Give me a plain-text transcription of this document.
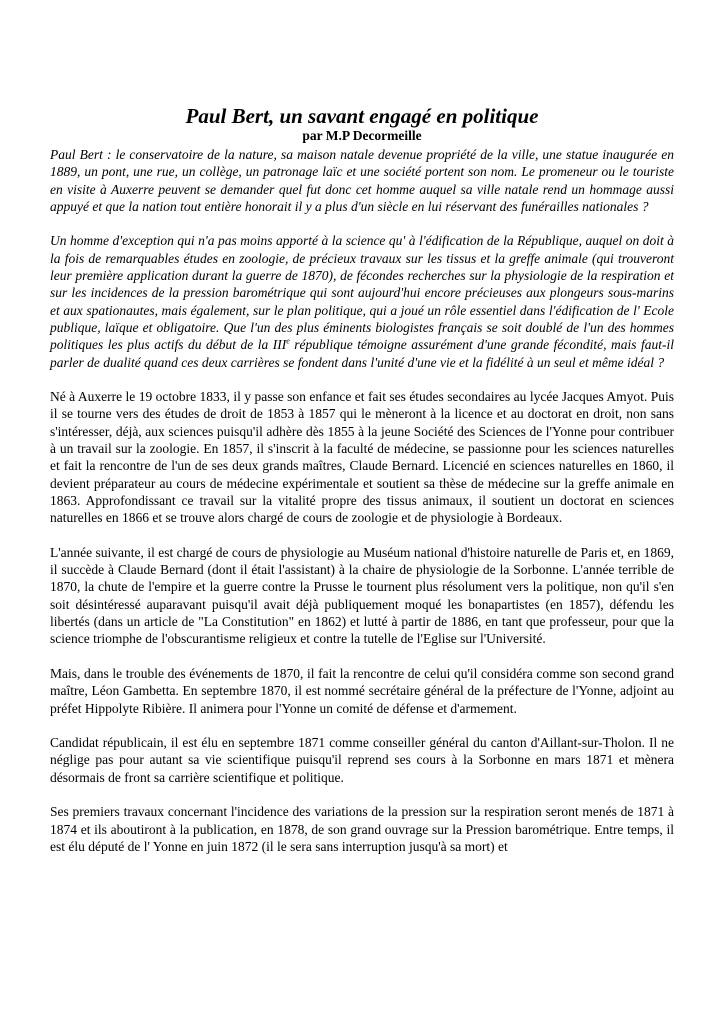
Paul Bert, un savant engagé en politique
par M.P Decormeille

Paul Bert : le conservatoire de la nature, sa maison natale devenue propriété de la ville, une statue inaugurée en 1889, un pont, une rue, un collège, un patronage laïc et une société portent son nom. Le promeneur ou le touriste en visite à Auxerre peuvent se demander quel fut donc cet homme auquel sa ville natale rend un hommage aussi appuyé et que la nation tout entière honorait il y a plus d'un siècle en lui réservant des funérailles nationales ?

Un homme d'exception qui n'a pas moins apporté à la science qu' à l'édification de la République, auquel on doit à la fois de remarquables études en zoologie, de précieux travaux sur les tissus et la greffe animale (qui trouveront leur première application durant la guerre de 1870), de fécondes recherches sur la physiologie de la respiration et sur les incidences de la pression barométrique qui sont aujourd'hui encore précieuses aux plongeurs sous-marins et aux spationautes, mais également, sur le plan politique, qui a joué un rôle essentiel dans l'édification de l' Ecole publique, laïque et obligatoire. Que l'un des plus éminents biologistes français se soit doublé de l'un des hommes politiques les plus actifs du début de la IIIe république témoigne assurément d'une grande fécondité, mais faut-il parler de dualité quand ces deux carrières se fondent dans l'unité d'une vie et la fidélité à un seul et même idéal ?

Né à Auxerre le 19 octobre 1833, il y passe son enfance et fait ses études secondaires au lycée Jacques Amyot. Puis il se tourne vers des études de droit de 1853 à 1857 qui le mèneront à la licence et au doctorat en droit, non sans s'intéresser, déjà, aux sciences puisqu'il adhère dès 1855 à la jeune Société des Sciences de l'Yonne pour contribuer à un travail sur la zoologie. En 1857, il s'inscrit à la faculté de médecine, se passionne pour les sciences naturelles et fait la rencontre de l'un de ses deux grands maîtres, Claude Bernard. Licencié en sciences naturelles en 1860, il devient préparateur au cours de médecine expérimentale et soutient sa thèse de médecine sur la greffe animale en 1863. Approfondissant ce travail sur la vitalité propre des tissus animaux, il soutient un doctorat en sciences naturelles en 1866 et se trouve alors chargé de cours de zoologie et de physiologie à Bordeaux.

L'année suivante, il est chargé de cours de physiologie au Muséum national d'histoire naturelle de Paris et, en 1869, il succède à Claude Bernard (dont il était l'assistant) à la chaire de physiologie de la Sorbonne. L'année terrible de 1870, la chute de l'empire et la guerre contre la Prusse le tournent plus résolument vers la politique, non qu'il s'en soit désintéressé auparavant puisqu'il avait déjà publiquement moqué les bonapartistes (en 1857), défendu les libertés (dans un article de "La Constitution" en 1862) et lutté à partir de 1886, en tant que professeur, pour que la science triomphe de l'obscurantisme religieux et contre la tutelle de l'Eglise sur l'Université.

Mais, dans le trouble des événements de 1870, il fait la rencontre de celui qu'il considéra comme son second grand maître, Léon Gambetta. En septembre 1870, il est nommé secrétaire général de la préfecture de l'Yonne, adjoint au préfet Hippolyte Ribière. Il animera pour l'Yonne un comité de défense et d'armement.

Candidat républicain, il est élu en septembre 1871 comme conseiller général du canton d'Aillant-sur-Tholon. Il ne néglige pas pour autant sa vie scientifique puisqu'il reprend ses cours à la Sorbonne en mars 1871 et mènera désormais de front sa carrière scientifique et politique.

Ses premiers travaux concernant l'incidence des variations de la pression sur la respiration seront menés de 1871 à 1874 et ils aboutiront à la publication, en 1878, de son grand ouvrage sur la Pression barométrique. Entre temps, il est élu député de l' Yonne en juin 1872 (il le sera sans interruption jusqu'à sa mort) et
